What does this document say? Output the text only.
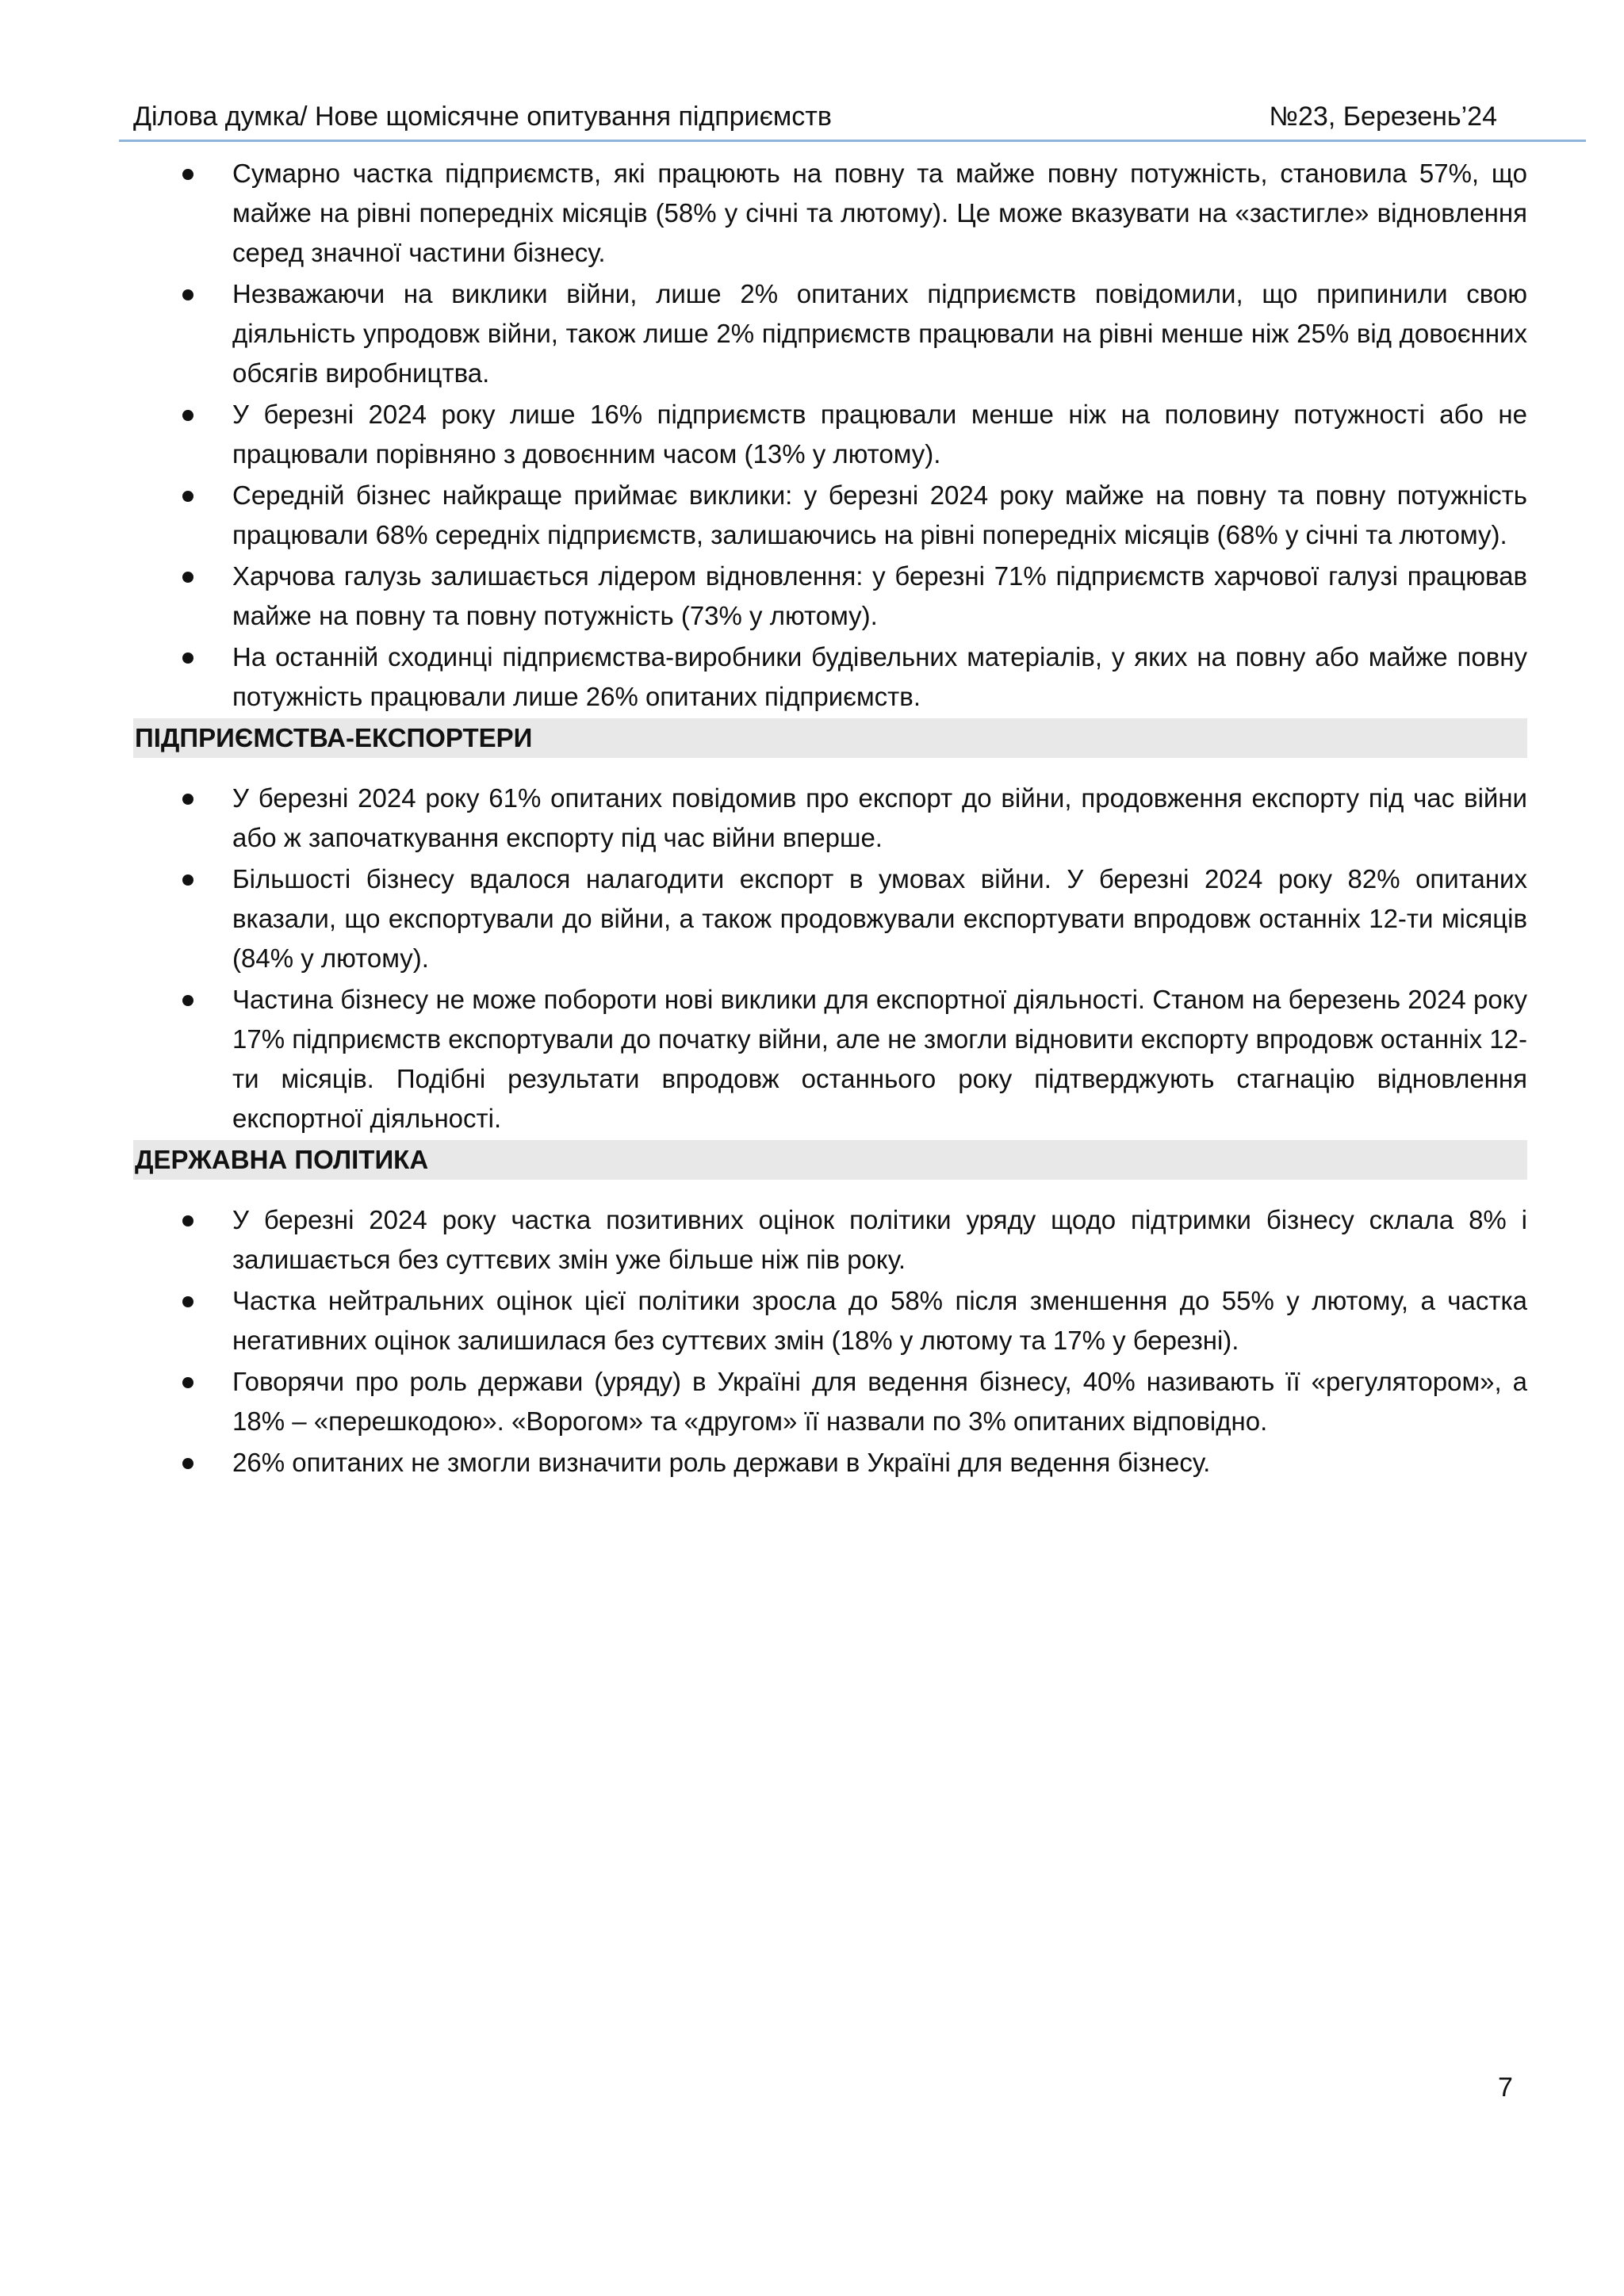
Ділова думка/ Нове щомісячне опитування підприємств	№23, Березень’24
Сумарно частка підприємств, які працюють на повну та майже повну потужність, становила 57%, що майже на рівні попередніх місяців (58% у січні та лютому). Це може вказувати на «застигле» відновлення серед значної частини бізнесу.
Незважаючи на виклики війни, лише 2% опитаних підприємств повідомили, що припинили свою діяльність упродовж війни, також лише 2% підприємств працювали на рівні менше ніж 25% від довоєнних обсягів виробництва.
У березні 2024 року лише 16% підприємств працювали менше ніж на половину потужності або не працювали порівняно з довоєнним часом (13% у лютому).
Середній бізнес найкраще приймає виклики: у березні 2024 року майже на повну та повну потужність працювали 68% середніх підприємств, залишаючись на рівні попередніх місяців (68% у січні та лютому).
Харчова галузь залишається лідером відновлення: у березні 71% підприємств харчової галузі працював майже на повну та повну потужність (73% у лютому).
На останній сходинці підприємства-виробники будівельних матеріалів, у яких на повну або майже повну потужність працювали лише 26% опитаних підприємств.
ПІДПРИЄМСТВА-ЕКСПОРТЕРИ
У березні 2024 року 61% опитаних повідомив про експорт до війни, продовження експорту під час війни або ж започаткування експорту під час війни вперше.
Більшості бізнесу вдалося налагодити експорт в умовах війни. У березні 2024 року 82% опитаних вказали, що експортували до війни, а також продовжували експортувати впродовж останніх 12-ти місяців (84% у лютому).
Частина бізнесу не може побороти нові виклики для експортної діяльності. Станом на березень 2024 року 17% підприємств експортували до початку війни, але не змогли відновити експорту впродовж останніх 12-ти місяців. Подібні результати впродовж останнього року підтверджують стагнацію відновлення експортної діяльності.
ДЕРЖАВНА ПОЛІТИКА
У березні 2024 року частка позитивних оцінок політики уряду щодо підтримки бізнесу склала 8% і залишається без суттєвих змін уже більше ніж пів року.
Частка нейтральних оцінок цієї політики зросла до 58% після зменшення до 55% у лютому, а частка негативних оцінок залишилася без суттєвих змін (18% у лютому та 17% у березні).
Говорячи про роль держави (уряду) в Україні для ведення бізнесу, 40% називають її «регулятором», а 18% – «перешкодою». «Ворогом» та «другом» її назвали по 3% опитаних відповідно.
26% опитаних не змогли визначити роль держави в Україні для ведення бізнесу.
7
